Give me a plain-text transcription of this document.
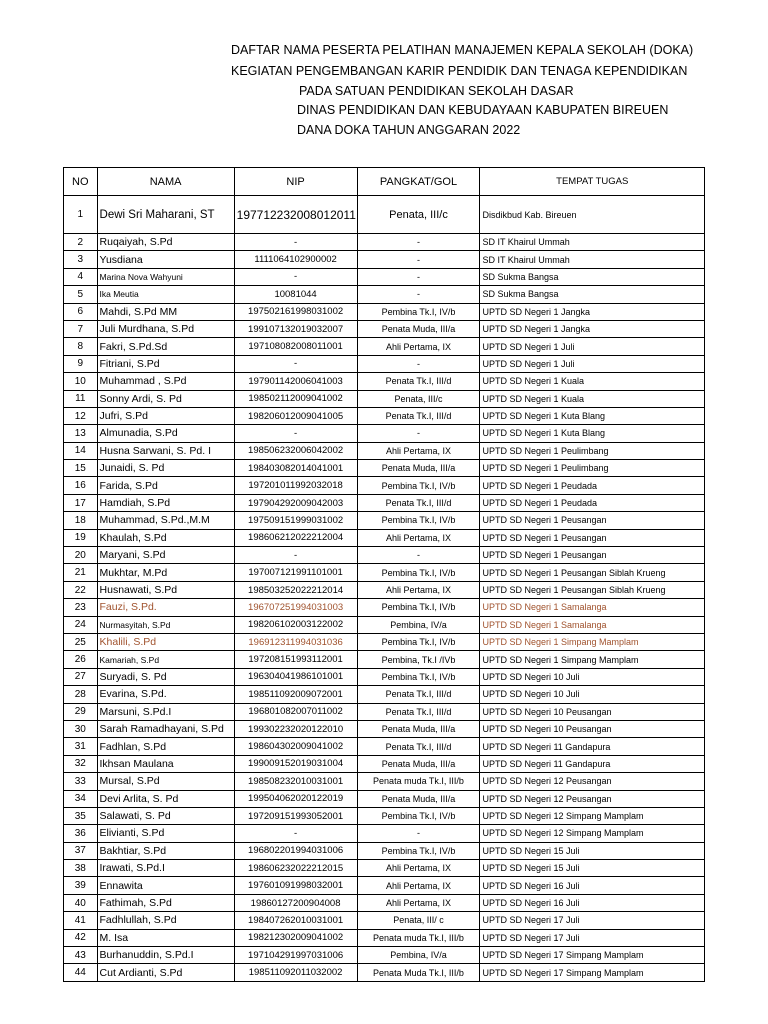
DAFTAR NAMA PESERTA PELATIHAN MANAJEMEN KEPALA SEKOLAH (DOKA)
KEGIATAN PENGEMBANGAN KARIR PENDIDIK DAN TENAGA KEPENDIDIKAN
PADA SATUAN PENDIDIKAN SEKOLAH DASAR
DINAS PENDIDIKAN DAN KEBUDAYAAN KABUPATEN BIREUEN
DANA DOKA TAHUN ANGGARAN 2022
NO	NAMA	NIP	PANGKAT/GOL	TEMPAT TUGAS
1	Dewi Sri Maharani, ST	197712232008012011	Penata, III/c	Disdikbud Kab. Bireuen
2	Ruqaiyah, S.Pd	-	-	SD IT Khairul Ummah
3	Yusdiana	1111064102900002	-	SD IT Khairul Ummah
4	Marina Nova Wahyuni	-	-	SD Sukma Bangsa
5	Ika Meutia	10081044	-	SD Sukma Bangsa
6	Mahdi, S.Pd MM	197502161998031002	Pembina Tk.I, IV/b	UPTD SD Negeri 1 Jangka
7	Juli Murdhana, S.Pd	199107132019032007	Penata Muda, III/a	UPTD SD Negeri 1 Jangka
8	Fakri, S.Pd.Sd	197108082008011001	Ahli Pertama, IX	UPTD SD Negeri 1 Juli
9	Fitriani, S.Pd	-	-	UPTD SD Negeri 1 Juli
10	Muhammad , S.Pd	197901142006041003	Penata Tk.I, III/d	UPTD SD Negeri 1 Kuala
11	Sonny Ardi, S. Pd	198502112009041002	Penata, III/c	UPTD SD Negeri 1 Kuala
12	Jufri, S.Pd	198206012009041005	Penata Tk.I, III/d	UPTD SD Negeri 1 Kuta Blang
13	Almunadia, S.Pd	-	-	UPTD SD Negeri 1 Kuta Blang
14	Husna Sarwani, S. Pd. I	198506232006042002	Ahli Pertama, IX	UPTD SD Negeri 1 Peulimbang
15	Junaidi, S. Pd	198403082014041001	Penata Muda, III/a	UPTD SD Negeri 1 Peulimbang
16	Farida, S.Pd	197201011992032018	Pembina Tk.I, IV/b	UPTD SD Negeri 1 Peudada
17	Hamdiah, S.Pd	197904292009042003	Penata Tk.I, III/d	UPTD SD Negeri 1 Peudada
18	Muhammad, S.Pd.,M.M	197509151999031002	Pembina Tk.I, IV/b	UPTD SD Negeri 1 Peusangan
19	Khaulah, S.Pd	198606212022212004	Ahli Pertama, IX	UPTD SD Negeri 1 Peusangan
20	Maryani, S.Pd	-	-	UPTD SD Negeri 1 Peusangan
21	Mukhtar, M.Pd	197007121991101001	Pembina Tk.I, IV/b	UPTD SD Negeri 1 Peusangan Siblah Krueng
22	Husnawati, S.Pd	198503252022212014	Ahli Pertama, IX	UPTD SD Negeri 1 Peusangan Siblah Krueng
23	Fauzi, S.Pd.	196707251994031003	Pembina Tk.I, IV/b	UPTD SD Negeri 1 Samalanga
24	Nurmasyitah, S.Pd	198206102003122002	Pembina, IV/a	UPTD SD Negeri 1 Samalanga
25	Khalili, S.Pd	196912311994031036	Pembina Tk.I, IV/b	UPTD SD Negeri 1 Simpang Mamplam
26	Kamariah, S.Pd	197208151993112001	Pembina, Tk.I /IVb	UPTD SD Negeri 1 Simpang Mamplam
27	Suryadi, S. Pd	196304041986101001	Pembina Tk.I, IV/b	UPTD SD Negeri 10 Juli
28	Evarina, S.Pd.	198511092009072001	Penata Tk.I, III/d	UPTD SD Negeri 10 Juli
29	Marsuni, S.Pd.I	196801082007011002	Penata Tk.I, III/d	UPTD SD Negeri 10 Peusangan
30	Sarah Ramadhayani, S.Pd	199302232020122010	Penata Muda, III/a	UPTD SD Negeri 10 Peusangan
31	Fadhlan, S.Pd	198604302009041002	Penata Tk.I, III/d	UPTD SD Negeri 11 Gandapura
32	Ikhsan Maulana	199009152019031004	Penata Muda, III/a	UPTD SD Negeri 11 Gandapura
33	Mursal, S.Pd	198508232010031001	Penata muda Tk.I, III/b	UPTD SD Negeri 12 Peusangan
34	Devi Arlita, S. Pd	199504062020122019	Penata Muda, III/a	UPTD SD Negeri 12 Peusangan
35	Salawati, S. Pd	197209151993052001	Pembina Tk.I, IV/b	UPTD SD Negeri 12 Simpang Mamplam
36	Elivianti, S.Pd	-	-	UPTD SD Negeri 12 Simpang Mamplam
37	Bakhtiar, S.Pd	196802201994031006	Pembina Tk.I, IV/b	UPTD SD Negeri 15 Juli
38	Irawati, S.Pd.I	198606232022212015	Ahli Pertama, IX	UPTD SD Negeri 15 Juli
39	Ennawita	197601091998032001	Ahli Pertama, IX	UPTD SD Negeri 16 Juli
40	Fathimah, S.Pd	19860127200904008	Ahli Pertama, IX	UPTD SD Negeri 16 Juli
41	Fadhlullah, S.Pd	198407262010031001	Penata, III/ c	UPTD SD Negeri 17 Juli
42	M. Isa	198212302009041002	Penata muda Tk.I, III/b	UPTD SD Negeri 17 Juli
43	Burhanuddin, S.Pd.I	197104291997031006	Pembina, IV/a	UPTD SD Negeri 17 Simpang Mamplam
44	Cut Ardianti, S.Pd	198511092011032002	Penata Muda Tk.I, III/b	UPTD SD Negeri 17 Simpang Mamplam
